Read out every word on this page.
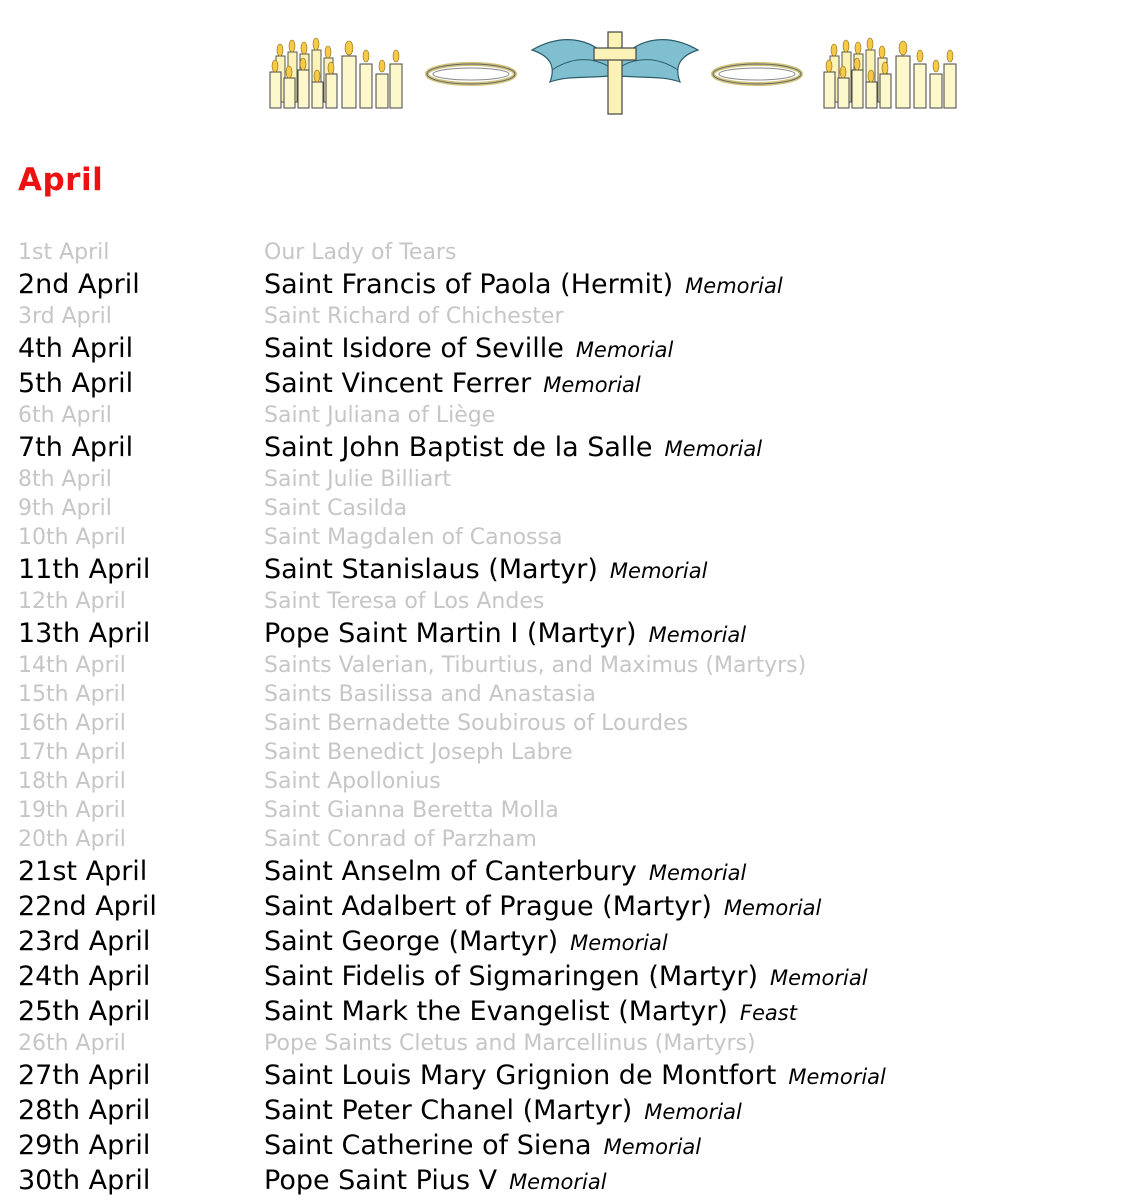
April
1st April	Our Lady of Tears
2nd April	Saint Francis of Paola (Hermit) Memorial
3rd April	Saint Richard of Chichester
4th April	Saint Isidore of Seville Memorial
5th April	Saint Vincent Ferrer Memorial
6th April	Saint Juliana of Liège
7th April	Saint John Baptist de la Salle Memorial
8th April	Saint Julie Billiart
9th April	Saint Casilda
10th April	Saint Magdalen of Canossa
11th April	Saint Stanislaus (Martyr) Memorial
12th April	Saint Teresa of Los Andes
13th April	Pope Saint Martin I (Martyr) Memorial
14th April	Saints Valerian, Tiburtius, and Maximus (Martyrs)
15th April	Saints Basilissa and Anastasia
16th April	Saint Bernadette Soubirous of Lourdes
17th April	Saint Benedict Joseph Labre
18th April	Saint Apollonius
19th April	Saint Gianna Beretta Molla
20th April	Saint Conrad of Parzham
21st April	Saint Anselm of Canterbury Memorial
22nd April	Saint Adalbert of Prague (Martyr) Memorial
23rd April	Saint George (Martyr) Memorial
24th April	Saint Fidelis of Sigmaringen (Martyr) Memorial
25th April	Saint Mark the Evangelist (Martyr) Feast
26th April	Pope Saints Cletus and Marcellinus (Martyrs)
27th April	Saint Louis Mary Grignion de Montfort Memorial
28th April	Saint Peter Chanel (Martyr) Memorial
29th April	Saint Catherine of Siena Memorial
30th April	Pope Saint Pius V Memorial
